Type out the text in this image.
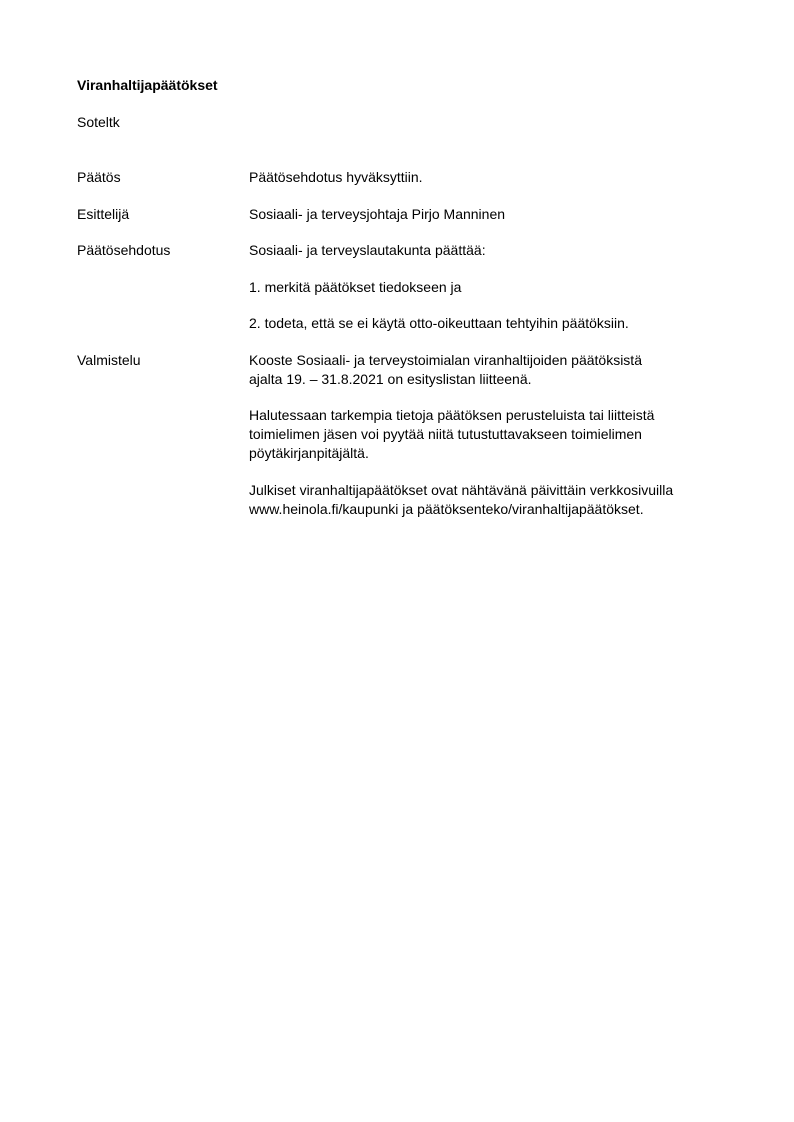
Viranhaltijapäätökset
Soteltk
Päätös	Päätösehdotus hyväksyttiin.
Esittelijä	Sosiaali- ja terveysjohtaja Pirjo Manninen
Päätösehdotus	Sosiaali- ja terveyslautakunta päättää:
1. merkitä päätökset tiedokseen ja
2. todeta, että se ei käytä otto-oikeuttaan tehtyihin päätöksiin.
Valmistelu	Kooste Sosiaali- ja terveystoimialan viranhaltijoiden päätöksistä
ajalta 19. – 31.8.2021 on esityslistan liitteenä.
Halutessaan tarkempia tietoja päätöksen perusteluista tai liitteistä
toimielimen jäsen voi pyytää niitä tutustuttavakseen toimielimen
pöytäkirjanpitäjältä.
Julkiset viranhaltijapäätökset ovat nähtävänä päivittäin verkkosivuilla
www.heinola.fi/kaupunki ja päätöksenteko/viranhaltijapäätökset.
